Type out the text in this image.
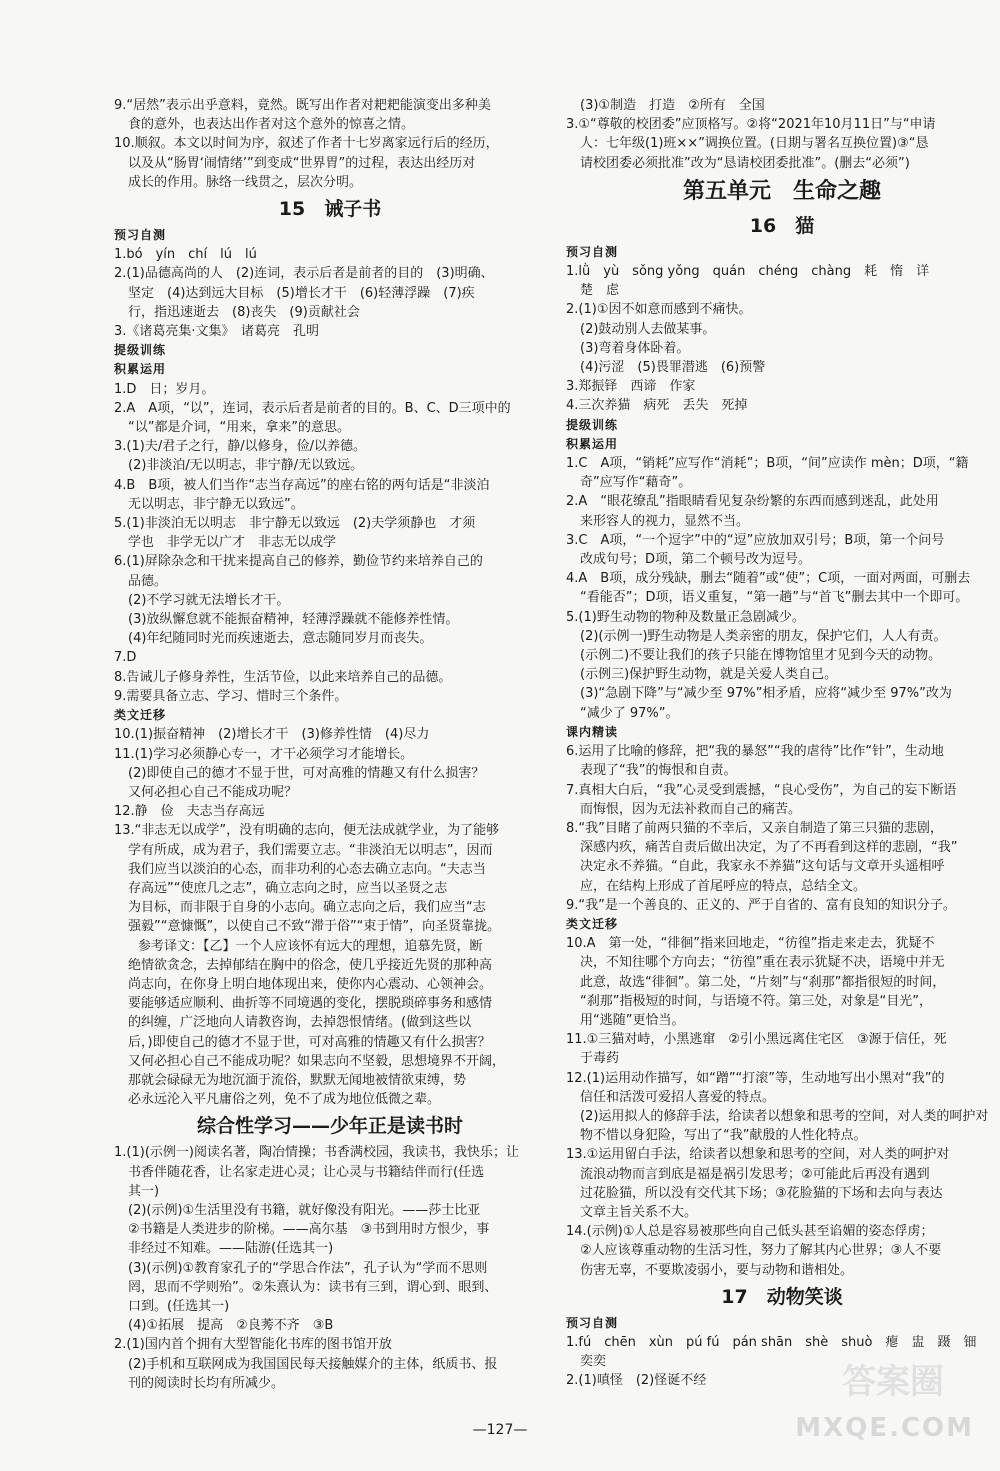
9.“居然”表示出乎意料，竟然。既写出作者对耙耙能演变出多种美
食的意外，也表达出作者对这个意外的惊喜之情。
10.顺叙。本文以时间为序，叙述了作者十七岁离家远行后的经历，
以及从“肠胃‘闹情绪’”到变成“世界胃”的过程，表达出经历对
成长的作用。脉络一线贯之，层次分明。
15　诫子书
预习自测
1.bó　yín　chí　lú　lú
2.(1)品德高尚的人　(2)连词，表示后者是前者的目的　(3)明确、
坚定　(4)达到远大目标　(5)增长才干　(6)轻薄浮躁　(7)疾
行，指迅速逝去　(8)丧失　(9)贡献社会
3.《诸葛亮集·文集》　诸葛亮　孔明
提级训练
积累运用
1.D　日；岁月。
2.A　A项，“以”，连词，表示后者是前者的目的。B、C、D三项中的
“以”都是介词，“用来，拿来”的意思。
3.(1)夫/君子之行，静/以修身，俭/以养德。
(2)非淡泊/无以明志，非宁静/无以致远。
4.B　B项，被人们当作“志当存高远”的座右铭的两句话是“非淡泊
无以明志，非宁静无以致远”。
5.(1)非淡泊无以明志　非宁静无以致远　(2)夫学须静也　才须
学也　非学无以广才　非志无以成学
6.(1)屏除杂念和干扰来提高自己的修养，勤俭节约来培养自己的
品德。
(2)不学习就无法增长才干。
(3)放纵懈怠就不能振奋精神，轻薄浮躁就不能修养性情。
(4)年纪随同时光而疾速逝去，意志随同岁月而丧失。
7.D
8.告诫儿子修身养性，生活节俭，以此来培养自己的品德。
9.需要具备立志、学习、惜时三个条件。
类文迁移
10.(1)振奋精神　(2)增长才干　(3)修养性情　(4)尽力
11.(1)学习必须静心专一，才干必须学习才能增长。
(2)即使自己的德才不显于世，可对高雅的情趣又有什么损害？
又何必担心自己不能成功呢？
12.静　俭　夫志当存高远
13.“非志无以成学”，没有明确的志向，便无法成就学业，为了能够
学有所成，成为君子，我们需要立志。“非淡泊无以明志”，因而
我们应当以淡泊的心态，而非功利的心态去确立志向。“夫志当
存高远”“使庶几之志”，确立志向之时，应当以圣贤之志
为目标，而非限于自身的小志向。确立志向之后，我们应当“志
强毅”“意慷慨”，以使自己不致“滞于俗”“束于情”，向圣贤靠拢。
参考译文：【乙】一个人应该怀有远大的理想，追慕先贤，断
绝情欲贪念，去掉郁结在胸中的俗念，使几乎接近先贤的那种高
尚志向，在你身上明白地体现出来，使你内心震动、心领神会。
要能够适应顺利、曲折等不同境遇的变化，摆脱琐碎事务和感情
的纠缠，广泛地向人请教咨询，去掉怨恨情绪。(做到这些以
后，)即使自己的德才不显于世，可对高雅的情趣又有什么损害？
又何必担心自己不能成功呢？如果志向不坚毅，思想境界不开阔，
那就会碌碌无为地沉湎于流俗，默默无闻地被情欲束缚，势
必永远沦入平凡庸俗之列，免不了成为地位低微之辈。
综合性学习——少年正是读书时
1.(1)(示例一)阅读名著，陶冶情操；书香满校园，我读书，我快乐；让
书香伴随花香，让名家走进心灵；让心灵与书籍结伴而行(任选
其一)
(2)(示例)①生活里没有书籍，就好像没有阳光。——莎士比亚
②书籍是人类进步的阶梯。——高尔基　③书到用时方恨少，事
非经过不知难。——陆游(任选其一)
(3)(示例)①教育家孔子的“学思合作法”，孔子认为“学而不思则
罔，思而不学则殆”。②朱熹认为：读书有三到，谓心到、眼到、
口到。(任选其一)
(4)①拓展　提高　②良莠不齐　③B
2.(1)国内首个拥有大型智能化书库的图书馆开放
(2)手机和互联网成为我国国民每天接触媒介的主体，纸质书、报
刊的阅读时长均有所减少。
(3)①制造　打造　②所有　全国
3.①“尊敬的校团委”应顶格写。②将“2021年10月11日”与“申请
人：七年级(1)班××”调换位置。(日期与署名互换位置)③“恳
请校团委必须批准”改为“恳请校团委批准”。(删去“必须”)
第五单元　生命之趣
16　猫
预习自测
1.lǜ　yù　sǒng yǒng　quán　chéng　chàng　耗　惰　详
楚　虑
2.(1)①因不如意而感到不痛快。
(2)鼓动别人去做某事。
(3)弯着身体卧着。
(4)污涩　(5)畏罪潜逃　(6)预警
3.郑振铎　西谛　作家
4.三次养猫　病死　丢失　死掉
提级训练
积累运用
1.C　A项，“销耗”应写作“消耗”；B项，“间”应读作 mèn；D项，“籍
奇”应写作“藉奇”。
2.A　“眼花缭乱”指眼睛看见复杂纷繁的东西而感到迷乱，此处用
来形容人的视力，显然不当。
3.C　A项，“一个逗字”中的“逗”应放加双引号；B项，第一个问号
改成句号；D项，第二个顿号改为逗号。
4.A　B项，成分残缺，删去“随着”或“使”；C项，一面对两面，可删去
“看能否”；D项，语义重复，“第一趟”与“首飞”删去其中一个即可。
5.(1)野生动物的物种及数量正急剧减少。
(2)(示例一)野生动物是人类亲密的朋友，保护它们，人人有责。
(示例二)不要让我们的孩子只能在博物馆里才见到今天的动物。
(示例三)保护野生动物，就是关爱人类自己。
(3)“急剧下降”与“减少至 97%”相矛盾，应将“减少至 97%”改为
“减少了 97%”。
课内精读
6.运用了比喻的修辞，把“我的暴怒”“我的虐待”比作“针”，生动地
表现了“我”的悔恨和自责。
7.真相大白后，“我”心灵受到震撼，“良心受伤”，为自己的妄下断语
而悔恨，因为无法补救而自己的痛苦。
8.“我”目睹了前两只猫的不幸后，又亲自制造了第三只猫的悲剧，
深感内疚，痛苦自责后做出决定，为了不再看到这样的悲剧，“我”
决定永不养猫。“自此，我家永不养猫”这句话与文章开头遥相呼
应，在结构上形成了首尾呼应的特点，总结全文。
9.“我”是一个善良的、正义的、严于自省的、富有良知的知识分子。
类文迁移
10.A　第一处，“徘徊”指来回地走，“彷徨”指走来走去，犹疑不
决，不知往哪个方向去；“彷徨”重在表示犹疑不决，语境中并无
此意，故选“徘徊”。第二处，“片刻”与“刹那”都指很短的时间，
“刹那”指极短的时间，与语境不符。第三处，对象是“目光”，
用“逃随”更恰当。
11.①三猫对峙，小黑逃窜　②引小黑远离住宅区　③源于信任，死
于毒药
12.(1)运用动作描写，如“蹭”“打滚”等，生动地写出小黑对“我”的
信任和活泼可爱招人喜爱的特点。
(2)运用拟人的修辞手法，给读者以想象和思考的空间，对人类的呵护对
物不惜以身犯险，写出了“我”献殷的人性化特点。
13.①运用留白手法，给读者以想象和思考的空间，对人类的呵护对
流浪动物而言到底是福是祸引发思考；②可能此后再没有遇到
过花脸猫，所以没有交代其下场；③花脸猫的下场和去向与表达
文章主旨关系不大。
14.(示例)①人总是容易被那些向自己低头甚至谄媚的姿态俘虏；
②人应该尊重动物的生活习性，努力了解其内心世界；③人不要
伤害无辜，不要欺凌弱小，要与动物和谐相处。
17　动物笑谈
预习自测
1.fú　chēn　xùn　pú fú　pán shān　shè　shuò　瘪　盅　蹑　钿
奕奕
2.(1)嗔怪　(2)怪诞不经
—127—
答案圈
MXQE.COM
